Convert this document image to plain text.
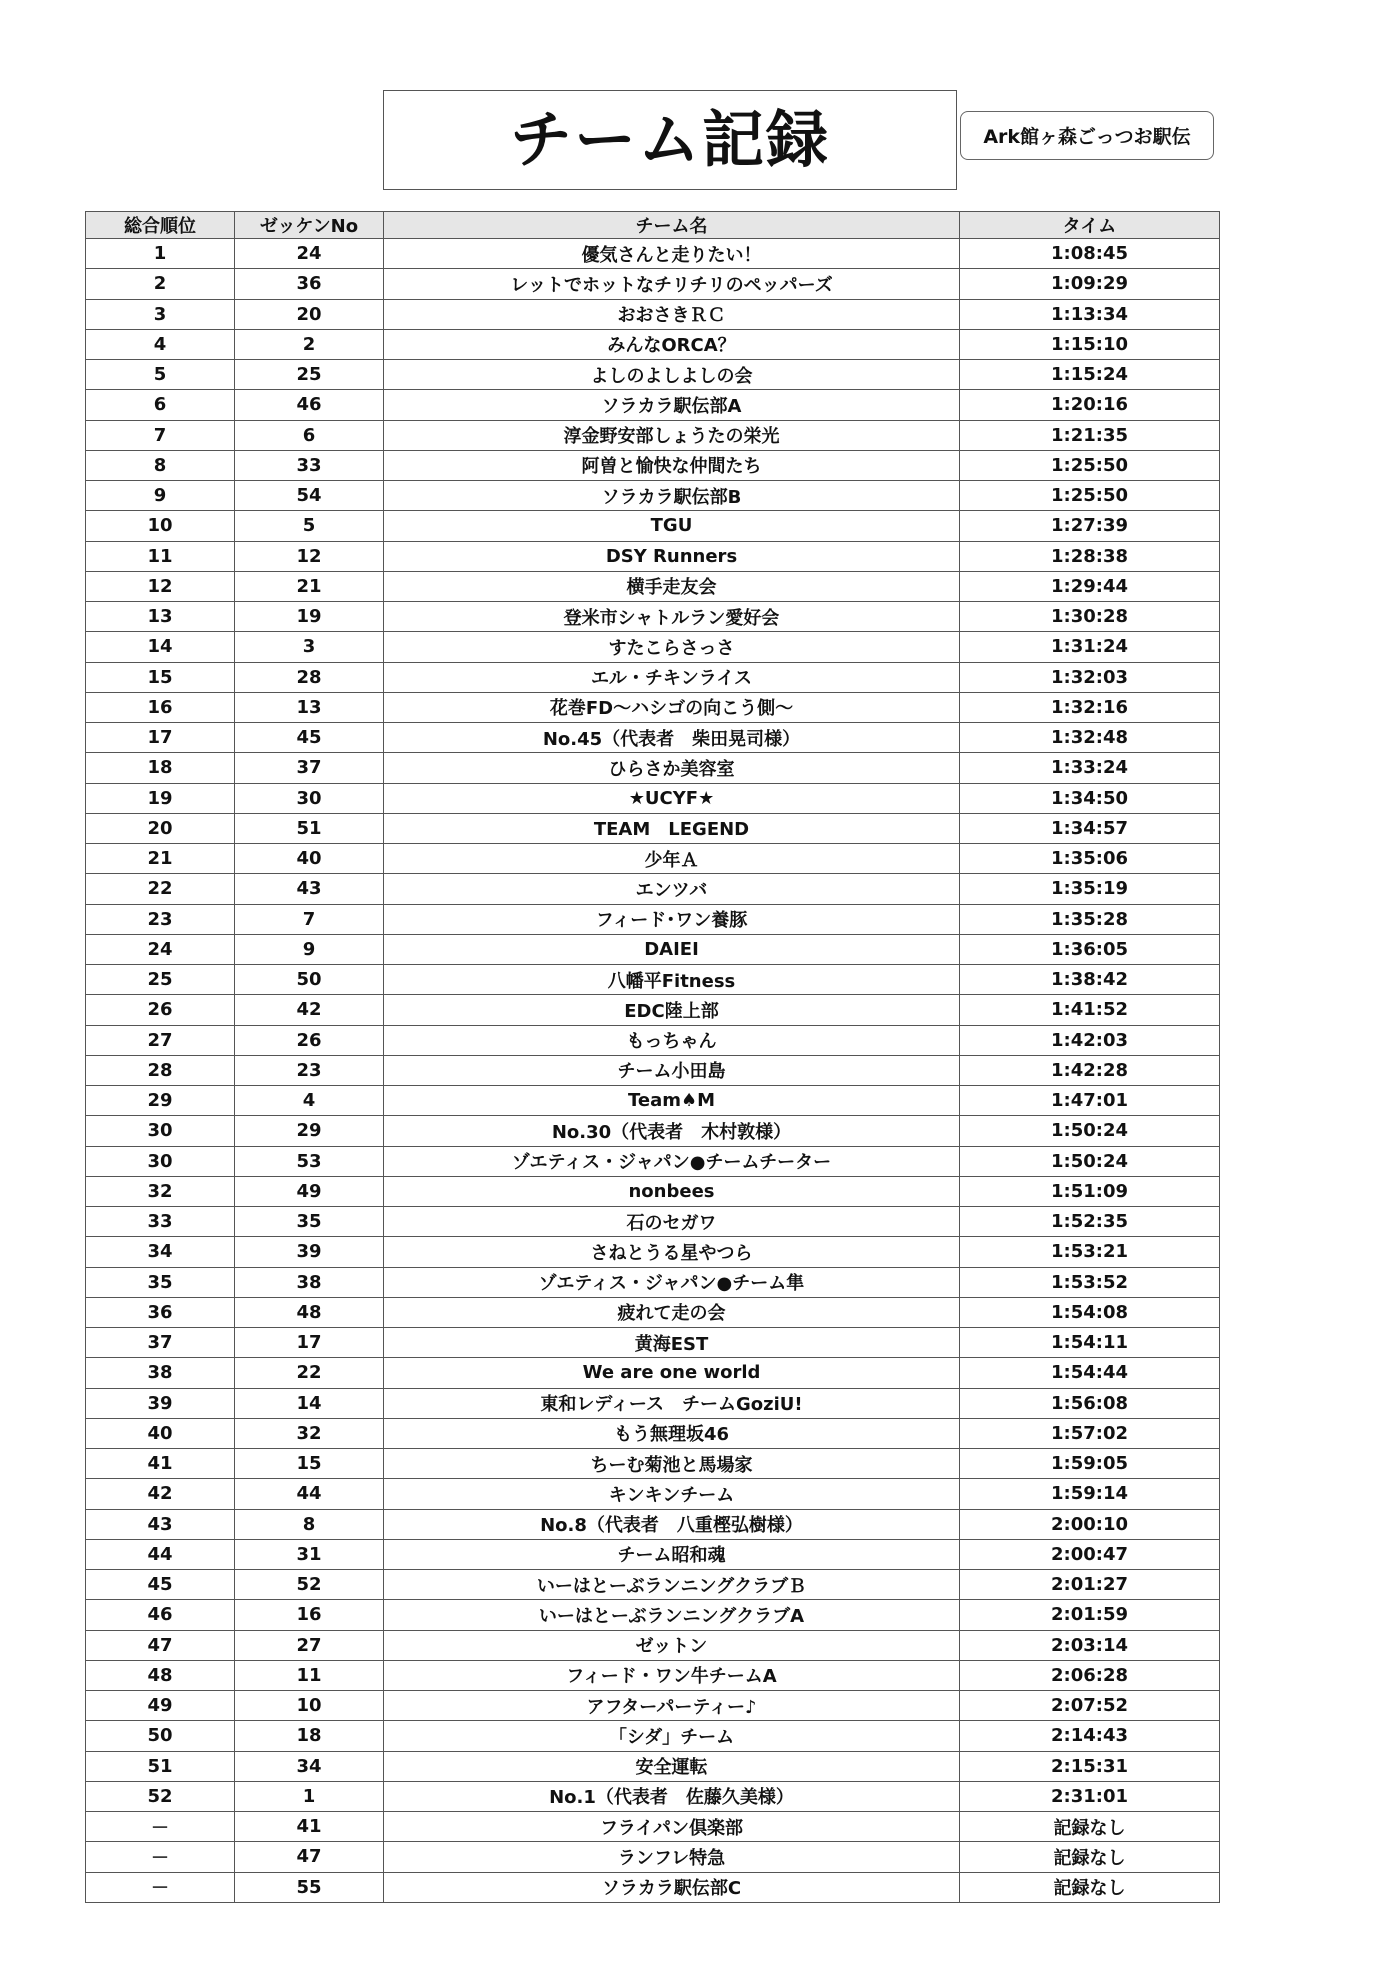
チーム記録	Ark館ヶ森ごっつお駅伝
総合順位	ゼッケンNo	チーム名	タイム
1	24	優気さんと走りたい！	1:08:45
2	36	レットでホットなチリチリのペッパーズ	1:09:29
3	20	おおさきＲＣ	1:13:34
4	2	みんなORCA？	1:15:10
5	25	よしのよしよしの会	1:15:24
6	46	ソラカラ駅伝部A	1:20:16
7	6	淳金野安部しょうたの栄光	1:21:35
8	33	阿曽と愉快な仲間たち	1:25:50
9	54	ソラカラ駅伝部B	1:25:50
10	5	TGU	1:27:39
11	12	DSY Runners	1:28:38
12	21	横手走友会	1:29:44
13	19	登米市シャトルラン愛好会	1:30:28
14	3	すたこらさっさ	1:31:24
15	28	エル・チキンライス	1:32:03
16	13	花巻FD～ハシゴの向こう側～	1:32:16
17	45	No.45（代表者　柴田晃司様）	1:32:48
18	37	ひらさか美容室	1:33:24
19	30	★UCYF★	1:34:50
20	51	TEAM　LEGEND	1:34:57
21	40	少年Ａ	1:35:06
22	43	エンツバ	1:35:19
23	7	フィード･ワン養豚	1:35:28
24	9	DAIEI	1:36:05
25	50	八幡平Fitness	1:38:42
26	42	EDC陸上部	1:41:52
27	26	もっちゃん	1:42:03
28	23	チーム小田島	1:42:28
29	4	Team♠M	1:47:01
30	29	No.30（代表者　木村敦様）	1:50:24
30	53	ゾエティス・ジャパン●チームチーター	1:50:24
32	49	nonbees	1:51:09
33	35	石のセガワ	1:52:35
34	39	さねとうる星やつら	1:53:21
35	38	ゾエティス・ジャパン●チーム隼	1:53:52
36	48	疲れて走の会	1:54:08
37	17	黄海EST	1:54:11
38	22	We are one world	1:54:44
39	14	東和レディース　チームGoziU!	1:56:08
40	32	もう無理坂46	1:57:02
41	15	ちーむ菊池と馬場家	1:59:05
42	44	キンキンチーム	1:59:14
43	8	No.8（代表者　八重樫弘樹様）	2:00:10
44	31	チーム昭和魂	2:00:47
45	52	いーはとーぶランニングクラブＢ	2:01:27
46	16	いーはとーぶランニングクラブA	2:01:59
47	27	ゼットン	2:03:14
48	11	フィード・ワン牛チームA	2:06:28
49	10	アフターパーティー♪	2:07:52
50	18	「シダ」チーム	2:14:43
51	34	安全運転	2:15:31
52	1	No.1（代表者　佐藤久美様）	2:31:01
－	41	フライパン倶楽部	記録なし
－	47	ランフレ特急	記録なし
－	55	ソラカラ駅伝部C	記録なし
